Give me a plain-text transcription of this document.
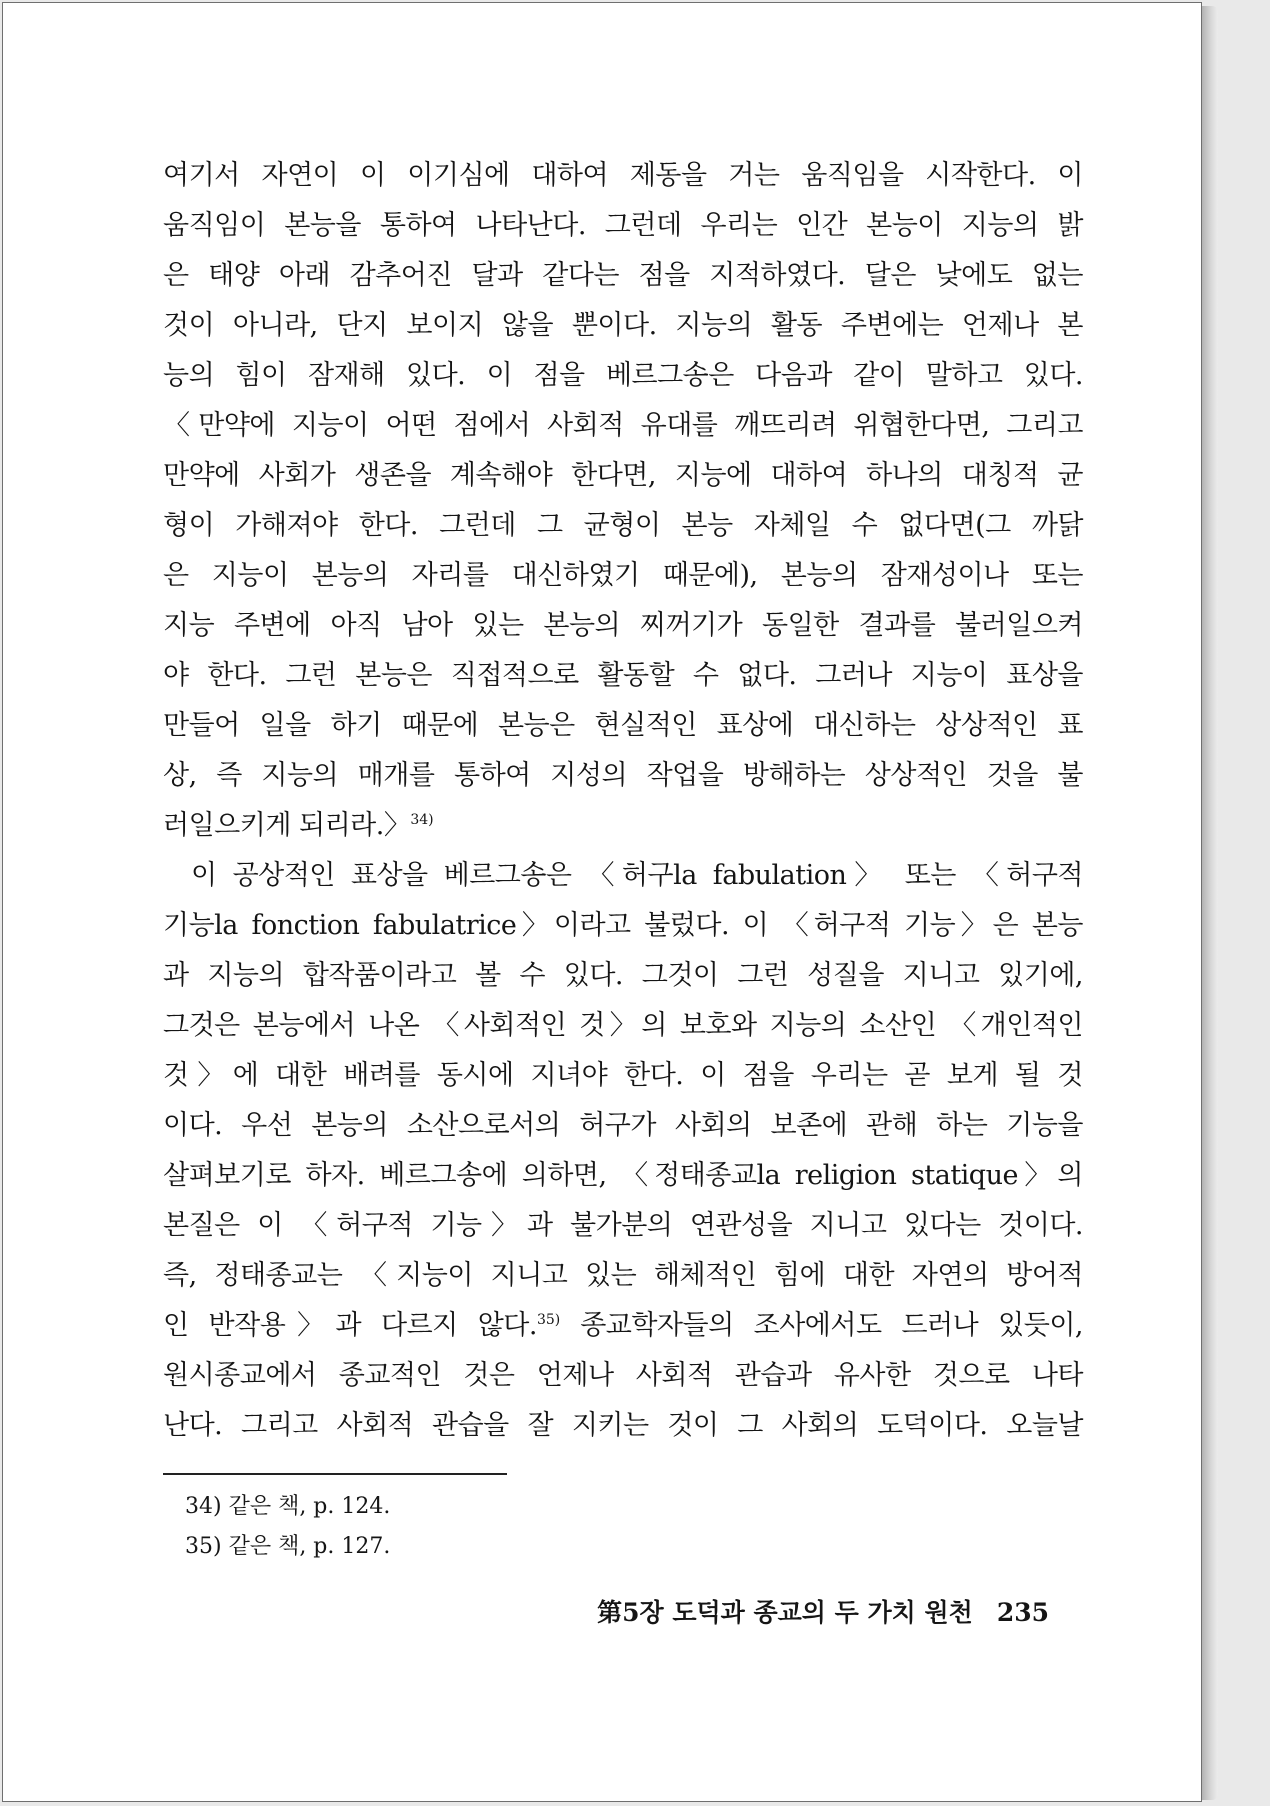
여기서 자연이 이 이기심에 대하여 제동을 거는 움직임을 시작한다. 이
움직임이 본능을 통하여 나타난다. 그런데 우리는 인간 본능이 지능의 밝
은 태양 아래 감추어진 달과 같다는 점을 지적하였다. 달은 낮에도 없는
것이 아니라, 단지 보이지 않을 뿐이다. 지능의 활동 주변에는 언제나 본
능의 힘이 잠재해 있다. 이 점을 베르그송은 다음과 같이 말하고 있다.
〈만약에 지능이 어떤 점에서 사회적 유대를 깨뜨리려 위협한다면, 그리고
만약에 사회가 생존을 계속해야 한다면, 지능에 대하여 하나의 대칭적 균
형이 가해져야 한다. 그런데 그 균형이 본능 자체일 수 없다면(그 까닭
은 지능이 본능의 자리를 대신하였기 때문에), 본능의 잠재성이나 또는
지능 주변에 아직 남아 있는 본능의 찌꺼기가 동일한 결과를 불러일으켜
야 한다. 그런 본능은 직접적으로 활동할 수 없다. 그러나 지능이 표상을
만들어 일을 하기 때문에 본능은 현실적인 표상에 대신하는 상상적인 표
상, 즉 지능의 매개를 통하여 지성의 작업을 방해하는 상상적인 것을 불
러일으키게 되리라.〉$^{34)}$
이 공상적인 표상을 베르그송은 〈허구la fabulation〉 또는 〈허구적
기능la fonction fabulatrice〉이라고 불렀다. 이 〈허구적 기능〉은 본능
과 지능의 합작품이라고 볼 수 있다. 그것이 그런 성질을 지니고 있기에,
그것은 본능에서 나온 〈사회적인 것〉의 보호와 지능의 소산인 〈개인적인
것〉에 대한 배려를 동시에 지녀야 한다. 이 점을 우리는 곧 보게 될 것
이다. 우선 본능의 소산으로서의 허구가 사회의 보존에 관해 하는 기능을
살펴보기로 하자. 베르그송에 의하면, 〈정태종교la religion statique〉의
본질은 이 〈허구적 기능〉과 불가분의 연관성을 지니고 있다는 것이다.
즉, 정태종교는 〈지능이 지니고 있는 해체적인 힘에 대한 자연의 방어적
인 반작용〉과 다르지 않다.$^{35)}$ 종교학자들의 조사에서도 드러나 있듯이,
원시종교에서 종교적인 것은 언제나 사회적 관습과 유사한 것으로 나타
난다. 그리고 사회적 관습을 잘 지키는 것이 그 사회의 도덕이다. 오늘날
34) 같은 책, p. 124.
35) 같은 책, p. 127.
第5장 도덕과 종교의 두 가치 원천 235
